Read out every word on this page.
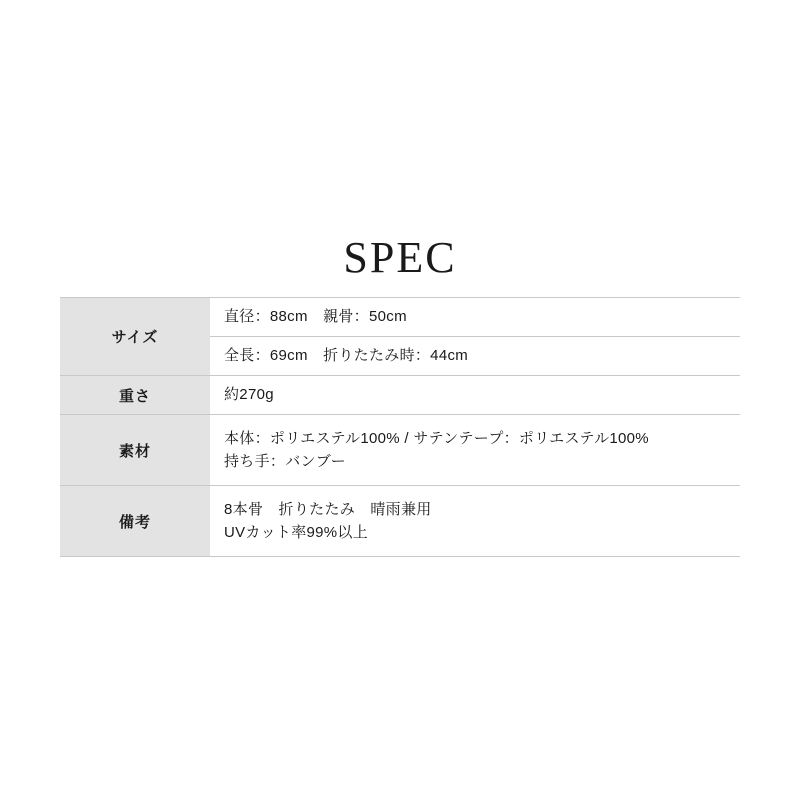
SPEC
サイズ	直径：88cm　親骨：50cm

	全長：69cm　折りたたみ時：44cm

重さ	約270g

素材	本体：ポリエステル100% / サテンテープ：ポリエステル100%
持ち手：バンブー

備考	8本骨　折りたたみ　晴雨兼用
UVカット率99%以上
